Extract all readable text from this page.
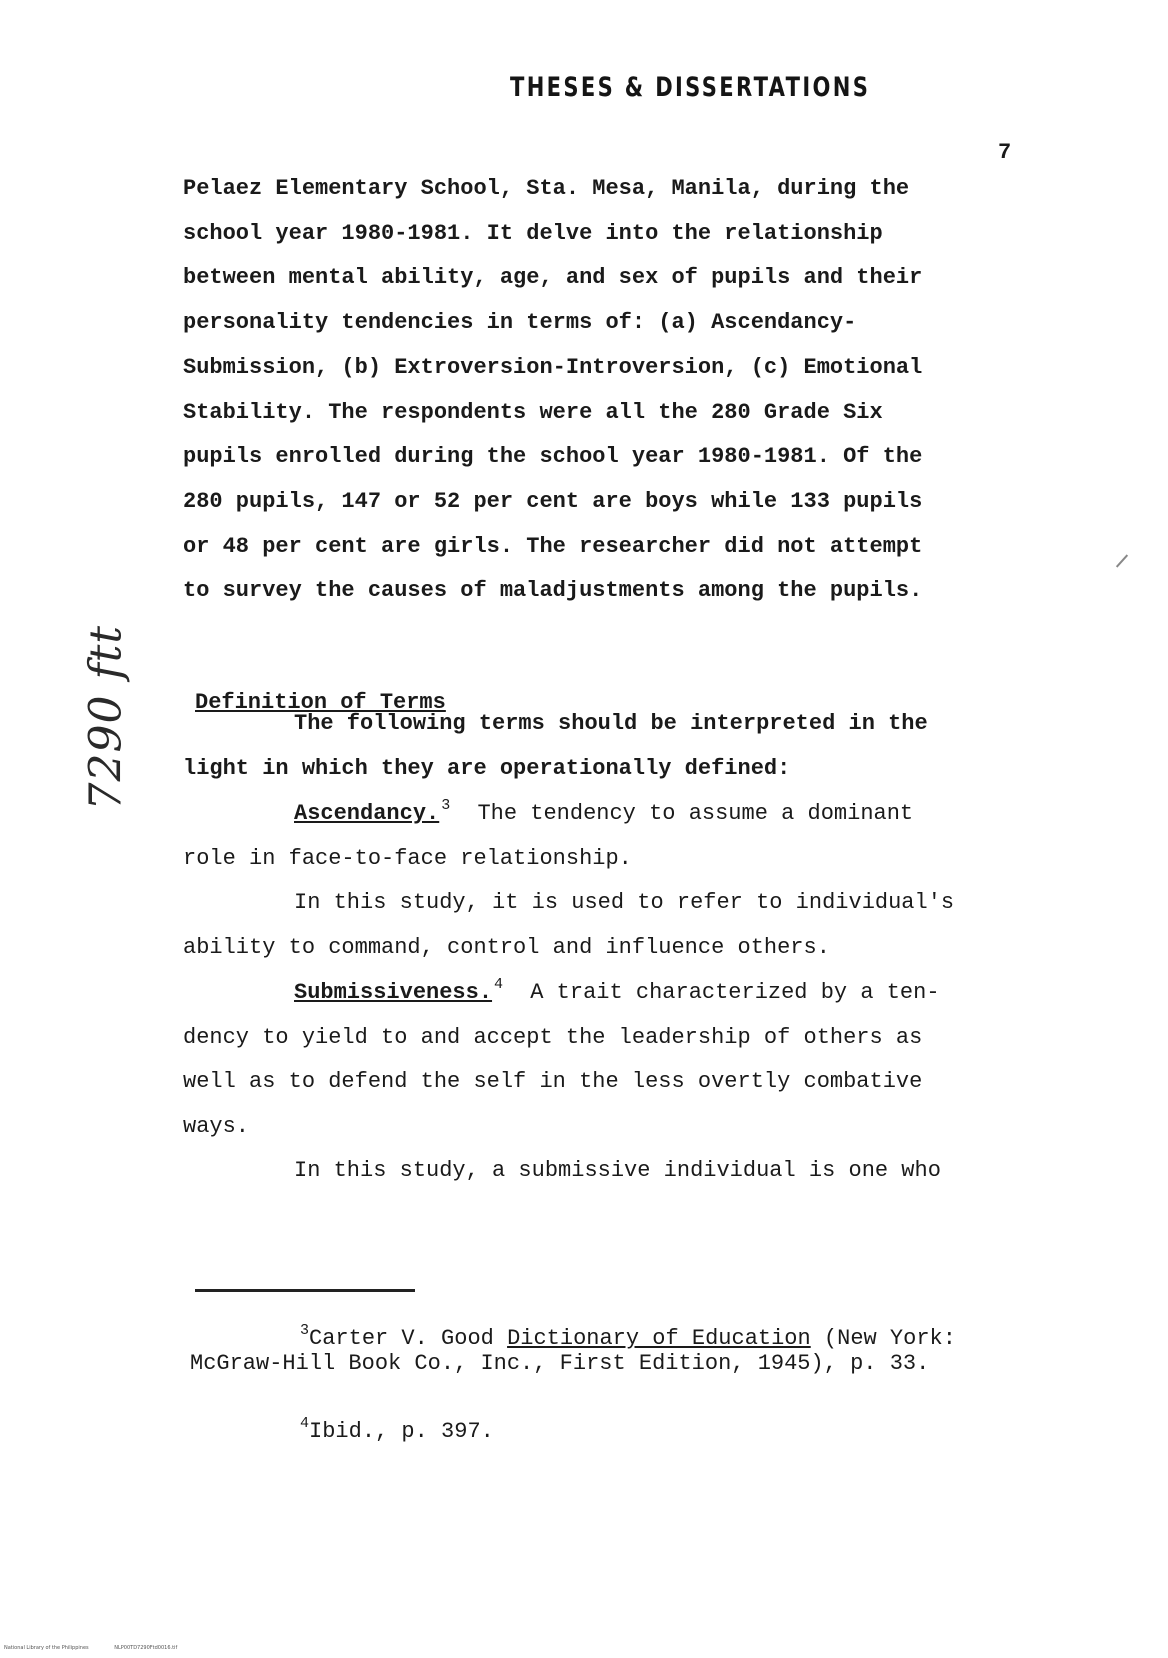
THESES & DISSERTATIONS
7
Pelaez Elementary School, Sta. Mesa, Manila, during the
school year 1980-1981. It delve into the relationship
between mental ability, age, and sex of pupils and their
personality tendencies in terms of: (a) Ascendancy-
Submission, (b) Extroversion-Introversion, (c) Emotional
Stability. The respondents were all the 280 Grade Six
pupils enrolled during the school year 1980-1981. Of the
280 pupils, 147 or 52 per cent are boys while 133 pupils
or 48 per cent are girls. The researcher did not attempt
to survey the causes of maladjustments among the pupils.
Definition of Terms
The following terms should be interpreted in the
light in which they are operationally defined:
Ascendancy. $^3$ The tendency to assume a dominant
role in face-to-face relationship.
In this study, it is used to refer to individual's
ability to command, control and influence others.
Submissiveness. $^4$ A trait characterized by a ten-
dency to yield to and accept the leadership of others as
well as to defend the self in the less overtly combative
ways.
In this study, a submissive individual is one who
$^3$Carter V. Good Dictionary of Education (New York:
McGraw-Hill Book Co., Inc., First Edition, 1945), p. 33.
$^4$Ibid., p. 397.
7290 ftt
National Library of the Philippines	NLP00TD7290Ftd0016.tif
